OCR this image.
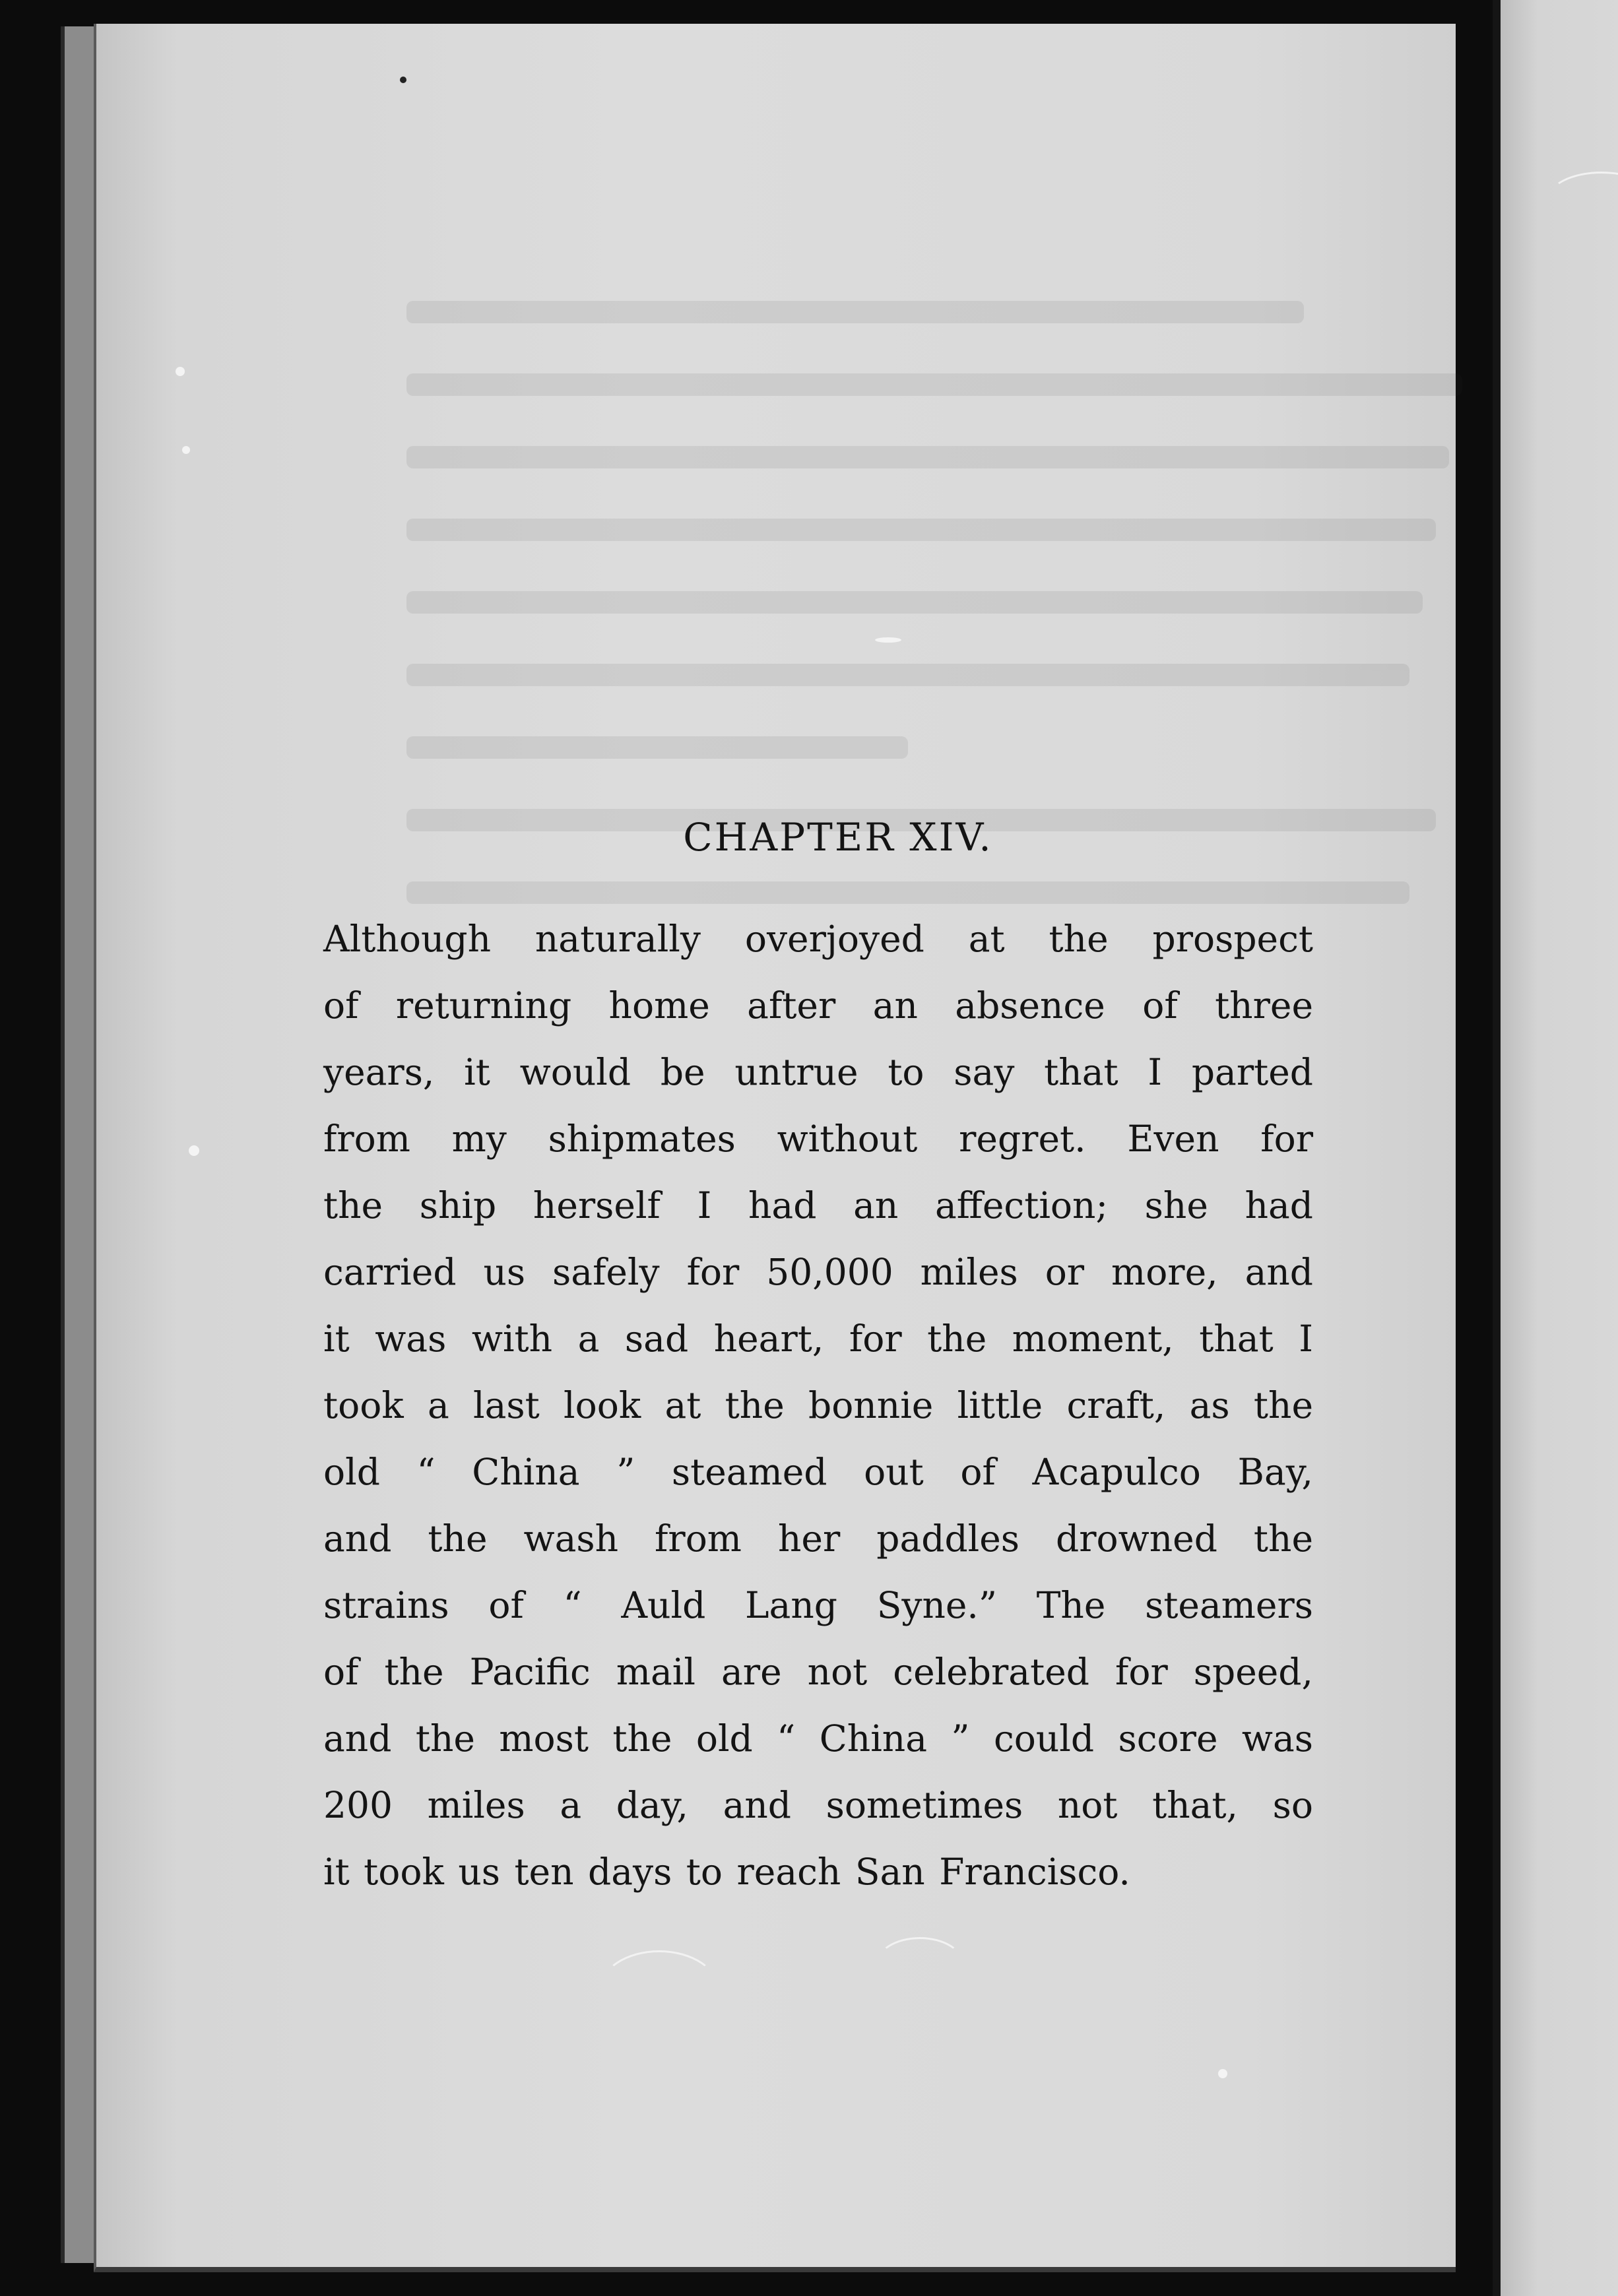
CHAPTER XIV.
Although naturally overjoyed at the prospect
of returning home after an absence of three
years, it would be untrue to say that I parted
from my shipmates without regret. Even for
the ship herself I had an affection; she had
carried us safely for 50,000 miles or more, and
it was with a sad heart, for the moment, that I
took a last look at the bonnie little craft, as the
old “ China ” steamed out of Acapulco Bay,
and the wash from her paddles drowned the
strains of “ Auld Lang Syne.” The steamers
of the Pacific mail are not celebrated for speed,
and the most the old “ China ” could score was
200 miles a day, and sometimes not that, so
it took us ten days to reach San Francisco.
